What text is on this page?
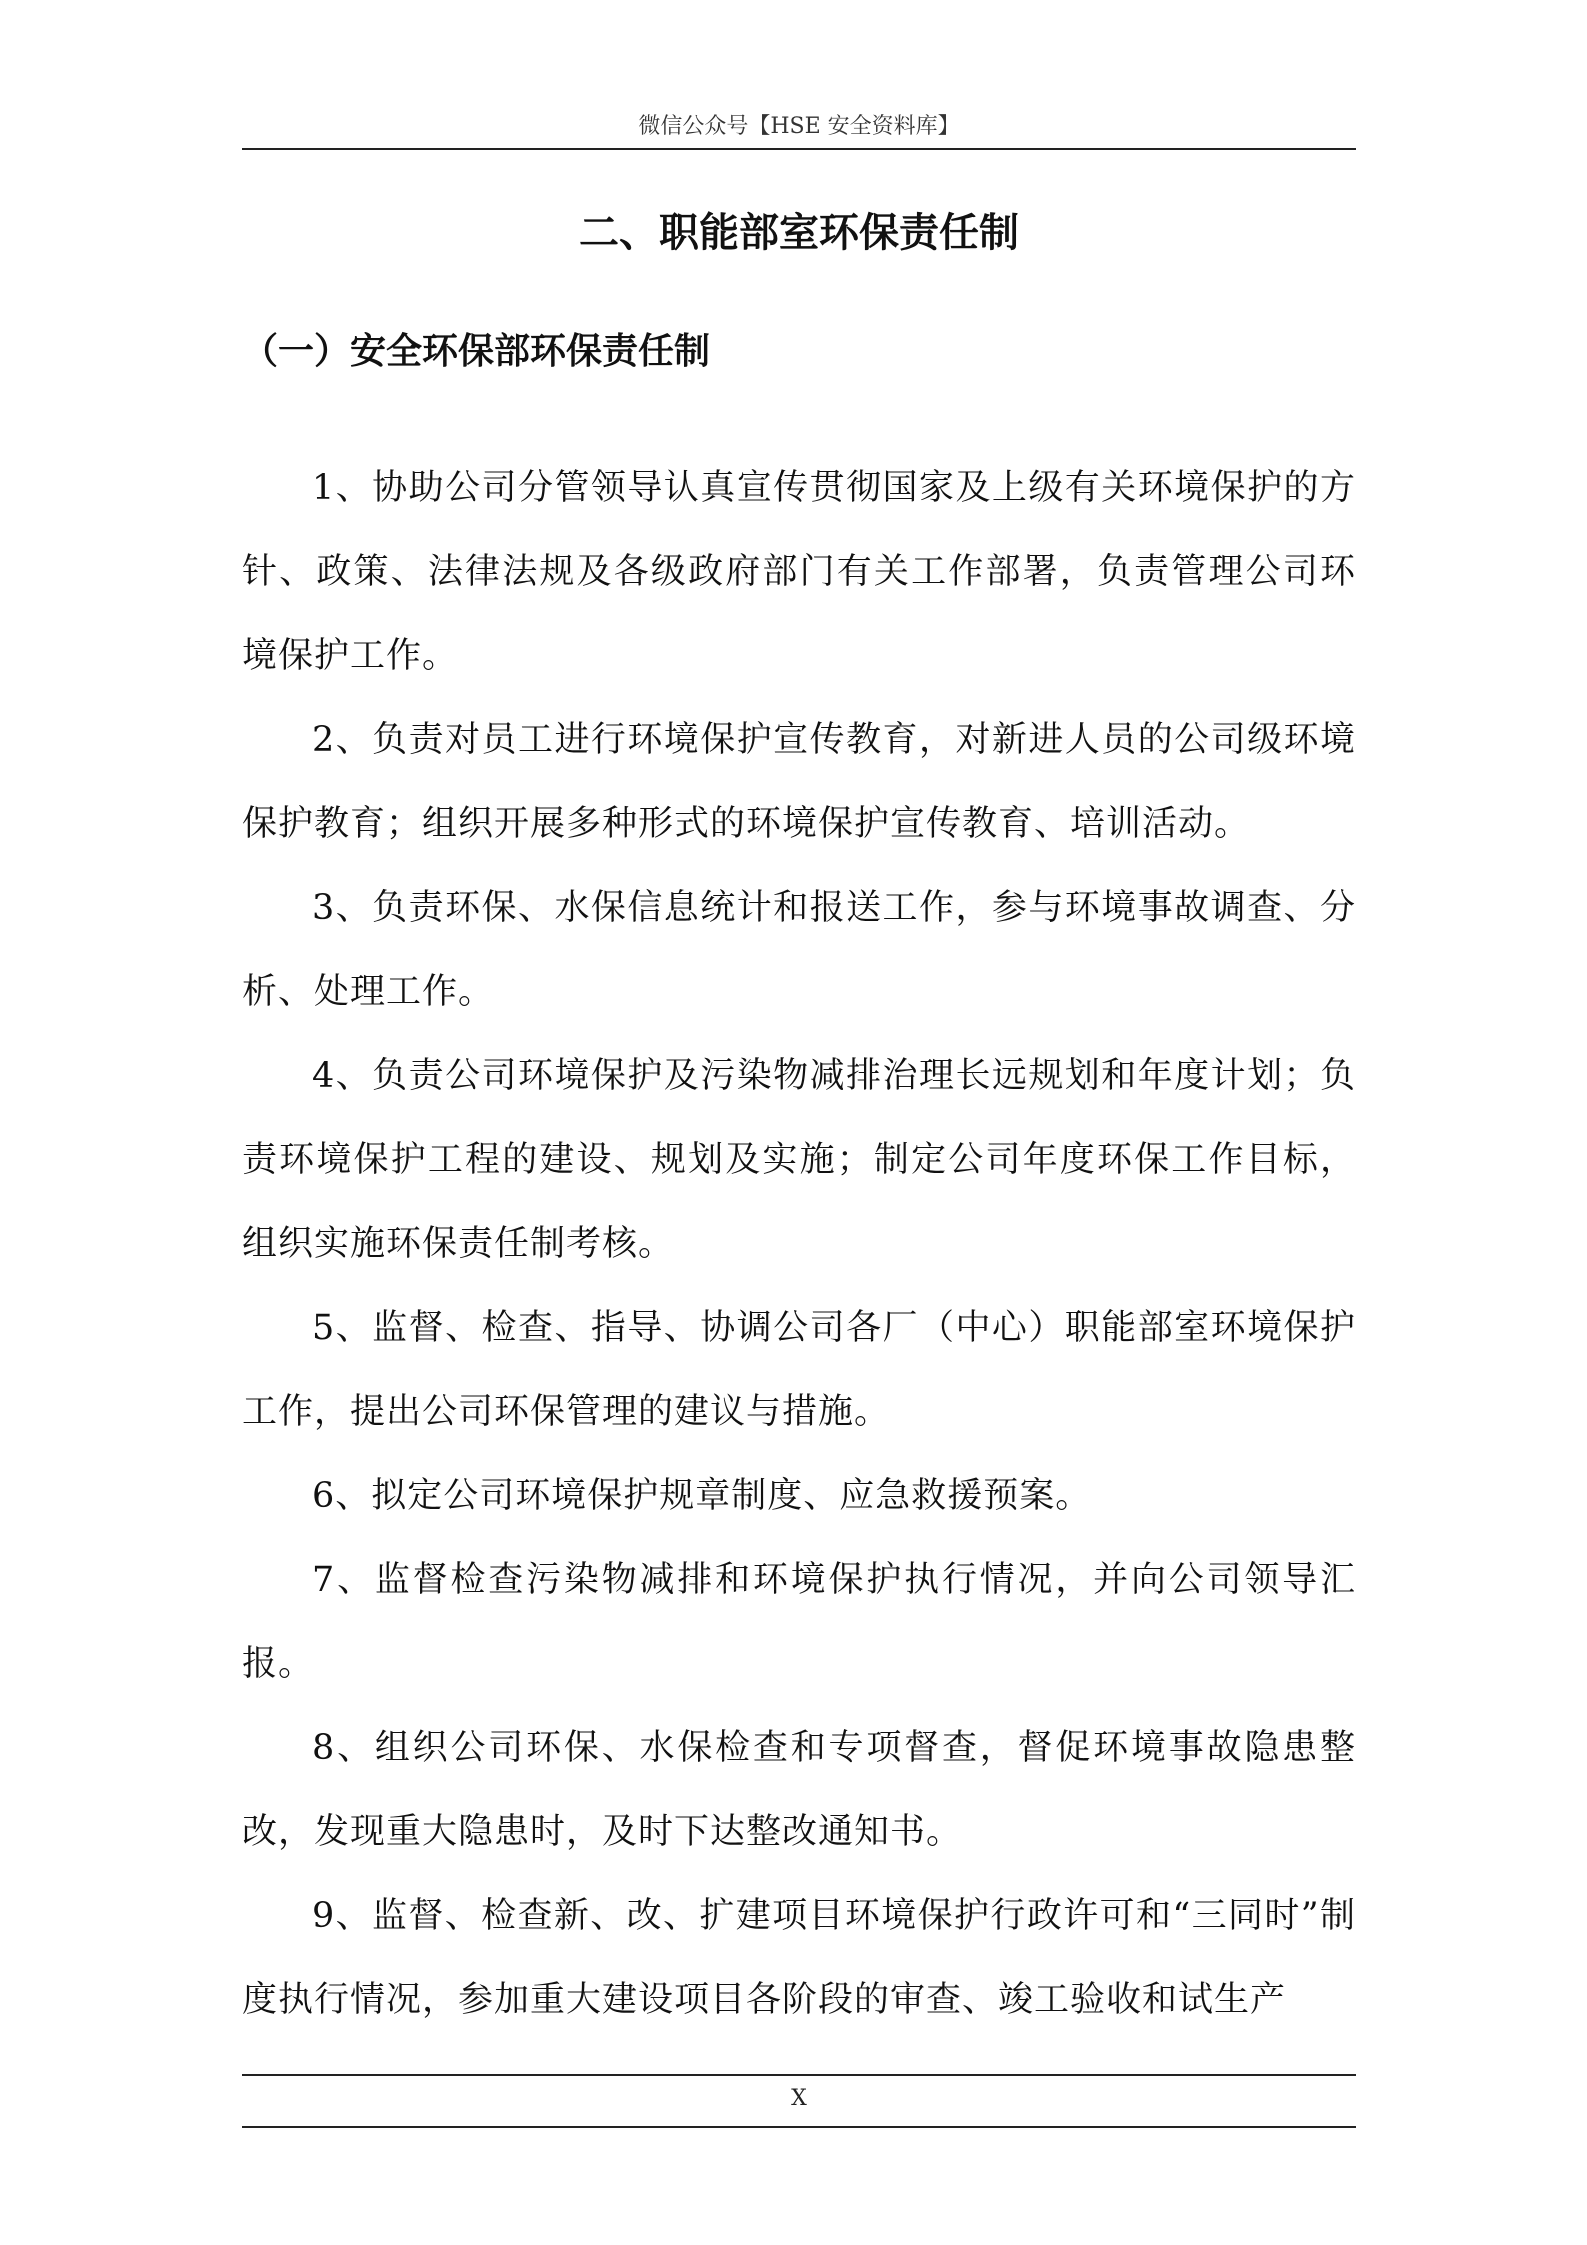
微信公众号【HSE 安全资料库】
二、职能部室环保责任制
（一）安全环保部环保责任制

1、协助公司分管领导认真宣传贯彻国家及上级有关环境保护的方针、政策、法律法规及各级政府部门有关工作部署，负责管理公司环境保护工作。

2、负责对员工进行环境保护宣传教育，对新进人员的公司级环境保护教育；组织开展多种形式的环境保护宣传教育、培训活动。

3、负责环保、水保信息统计和报送工作，参与环境事故调查、分析、处理工作。

4、负责公司环境保护及污染物减排治理长远规划和年度计划；负责环境保护工程的建设、规划及实施；制定公司年度环保工作目标，组织实施环保责任制考核。

5、监督、检查、指导、协调公司各厂（中心）职能部室环境保护工作，提出公司环保管理的建议与措施。

6、拟定公司环境保护规章制度、应急救援预案。

7、监督检查污染物减排和环境保护执行情况，并向公司领导汇报。

8、组织公司环保、水保检查和专项督查，督促环境事故隐患整改，发现重大隐患时，及时下达整改通知书。

9、监督、检查新、改、扩建项目环境保护行政许可和“三同时”制度执行情况，参加重大建设项目各阶段的审查、竣工验收和试生产

X
